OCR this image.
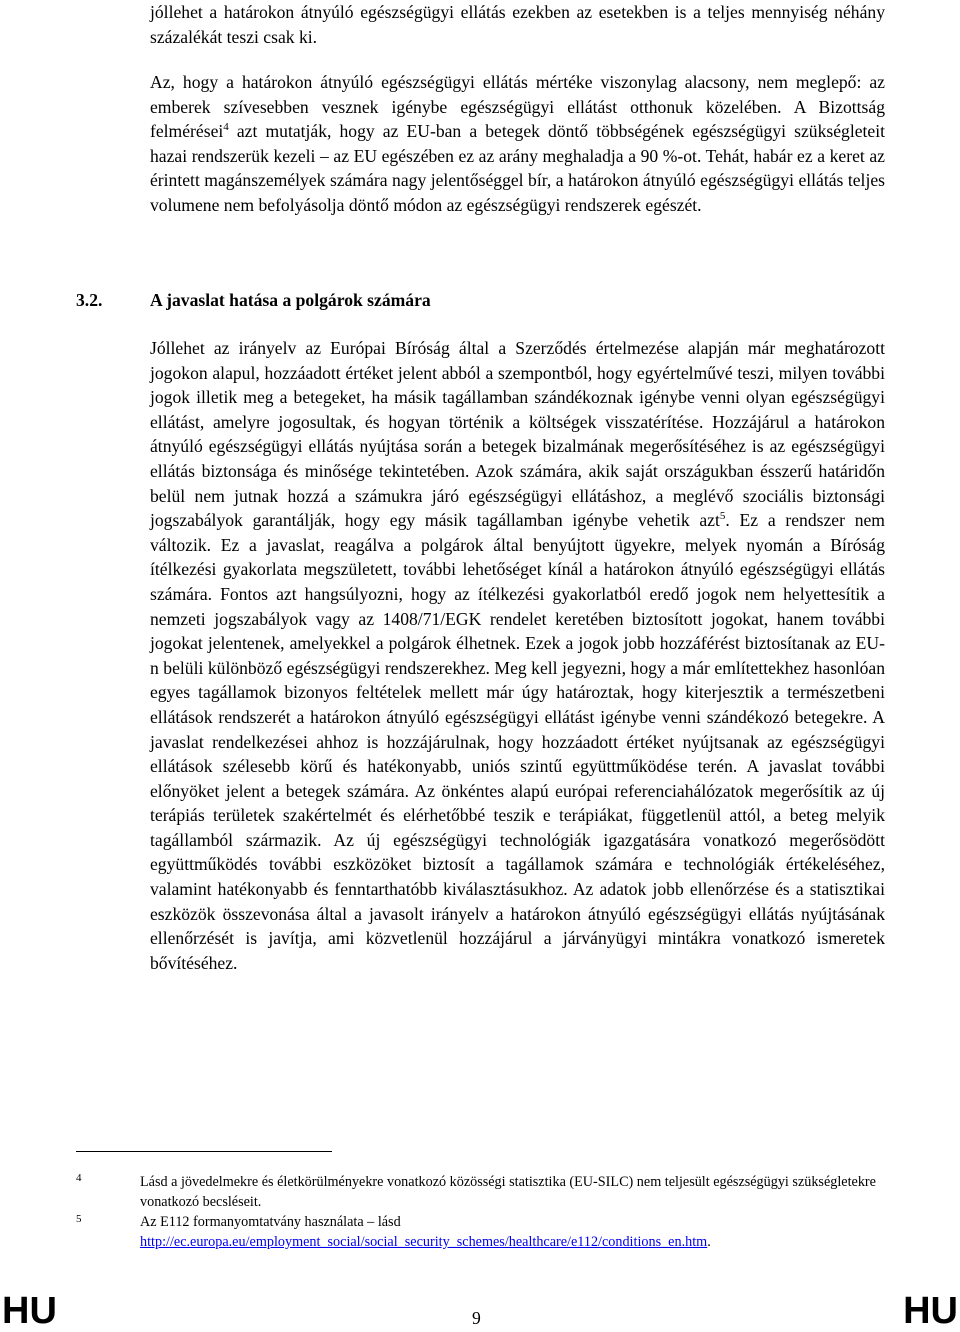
jóllehet a határokon átnyúló egészségügyi ellátás ezekben az esetekben is a teljes mennyiség néhány százalékát teszi csak ki.

Az, hogy a határokon átnyúló egészségügyi ellátás mértéke viszonylag alacsony, nem meglepő: az emberek szívesebben vesznek igénybe egészségügyi ellátást otthonuk közelében. A Bizottság felmérései$^4$ azt mutatják, hogy az EU-ban a betegek döntő többségének egészségügyi szükségleteit hazai rendszerük kezeli – az EU egészében ez az arány meghaladja a 90 %-ot. Tehát, habár ez a keret az érintett magánszemélyek számára nagy jelentőséggel bír, a határokon átnyúló egészségügyi ellátás teljes volumene nem befolyásolja döntő módon az egészségügyi rendszerek egészét.

3.2.	A javaslat hatása a polgárok számára

Jóllehet az irányelv az Európai Bíróság által a Szerződés értelmezése alapján már meghatározott jogokon alapul, hozzáadott értéket jelent abból a szempontból, hogy egyértelművé teszi, milyen további jogok illetik meg a betegeket, ha másik tagállamban szándékoznak igénybe venni olyan egészségügyi ellátást, amelyre jogosultak, és hogyan történik a költségek visszatérítése. Hozzájárul a határokon átnyúló egészségügyi ellátás nyújtása során a betegek bizalmának megerősítéséhez is az egészségügyi ellátás biztonsága és minősége tekintetében. Azok számára, akik saját országukban ésszerű határidőn belül nem jutnak hozzá a számukra járó egészségügyi ellátáshoz, a meglévő szociális biztonsági jogszabályok garantálják, hogy egy másik tagállamban igénybe vehetik azt$^5$. Ez a rendszer nem változik. Ez a javaslat, reagálva a polgárok által benyújtott ügyekre, melyek nyomán a Bíróság ítélkezési gyakorlata megszületett, további lehetőséget kínál a határokon átnyúló egészségügyi ellátás számára. Fontos azt hangsúlyozni, hogy az ítélkezési gyakorlatból eredő jogok nem helyettesítik a nemzeti jogszabályok vagy az 1408/71/EGK rendelet keretében biztosított jogokat, hanem további jogokat jelentenek, amelyekkel a polgárok élhetnek. Ezek a jogok jobb hozzáférést biztosítanak az EU-n belüli különböző egészségügyi rendszerekhez. Meg kell jegyezni, hogy a már említettekhez hasonlóan egyes tagállamok bizonyos feltételek mellett már úgy határoztak, hogy kiterjesztik a természetbeni ellátások rendszerét a határokon átnyúló egészségügyi ellátást igénybe venni szándékozó betegekre. A javaslat rendelkezései ahhoz is hozzájárulnak, hogy hozzáadott értéket nyújtsanak az egészségügyi ellátások szélesebb körű és hatékonyabb, uniós szintű együttműködése terén. A javaslat további előnyöket jelent a betegek számára. Az önkéntes alapú európai referenciahálózatok megerősítik az új terápiás területek szakértelmét és elérhetőbbé teszik e terápiákat, függetlenül attól, a beteg melyik tagállamból származik. Az új egészségügyi technológiák igazgatására vonatkozó megerősödött együttműködés további eszközöket biztosít a tagállamok számára e technológiák értékeléséhez, valamint hatékonyabb és fenntarthatóbb kiválasztásukhoz. Az adatok jobb ellenőrzése és a statisztikai eszközök összevonása által a javasolt irányelv a határokon átnyúló egészségügyi ellátás nyújtásának ellenőrzését is javítja, ami közvetlenül hozzájárul a járványügyi mintákra vonatkozó ismeretek bővítéséhez.

4	Lásd a jövedelmekre és életkörülményekre vonatkozó közösségi statisztika (EU-SILC) nem teljesült egészségügyi szükségletekre vonatkozó becsléseit.

5	Az E112 formanyomtatvány használata – lásd
http://ec.europa.eu/employment_social/social_security_schemes/healthcare/e112/conditions_en.htm.

HU	9	HU
